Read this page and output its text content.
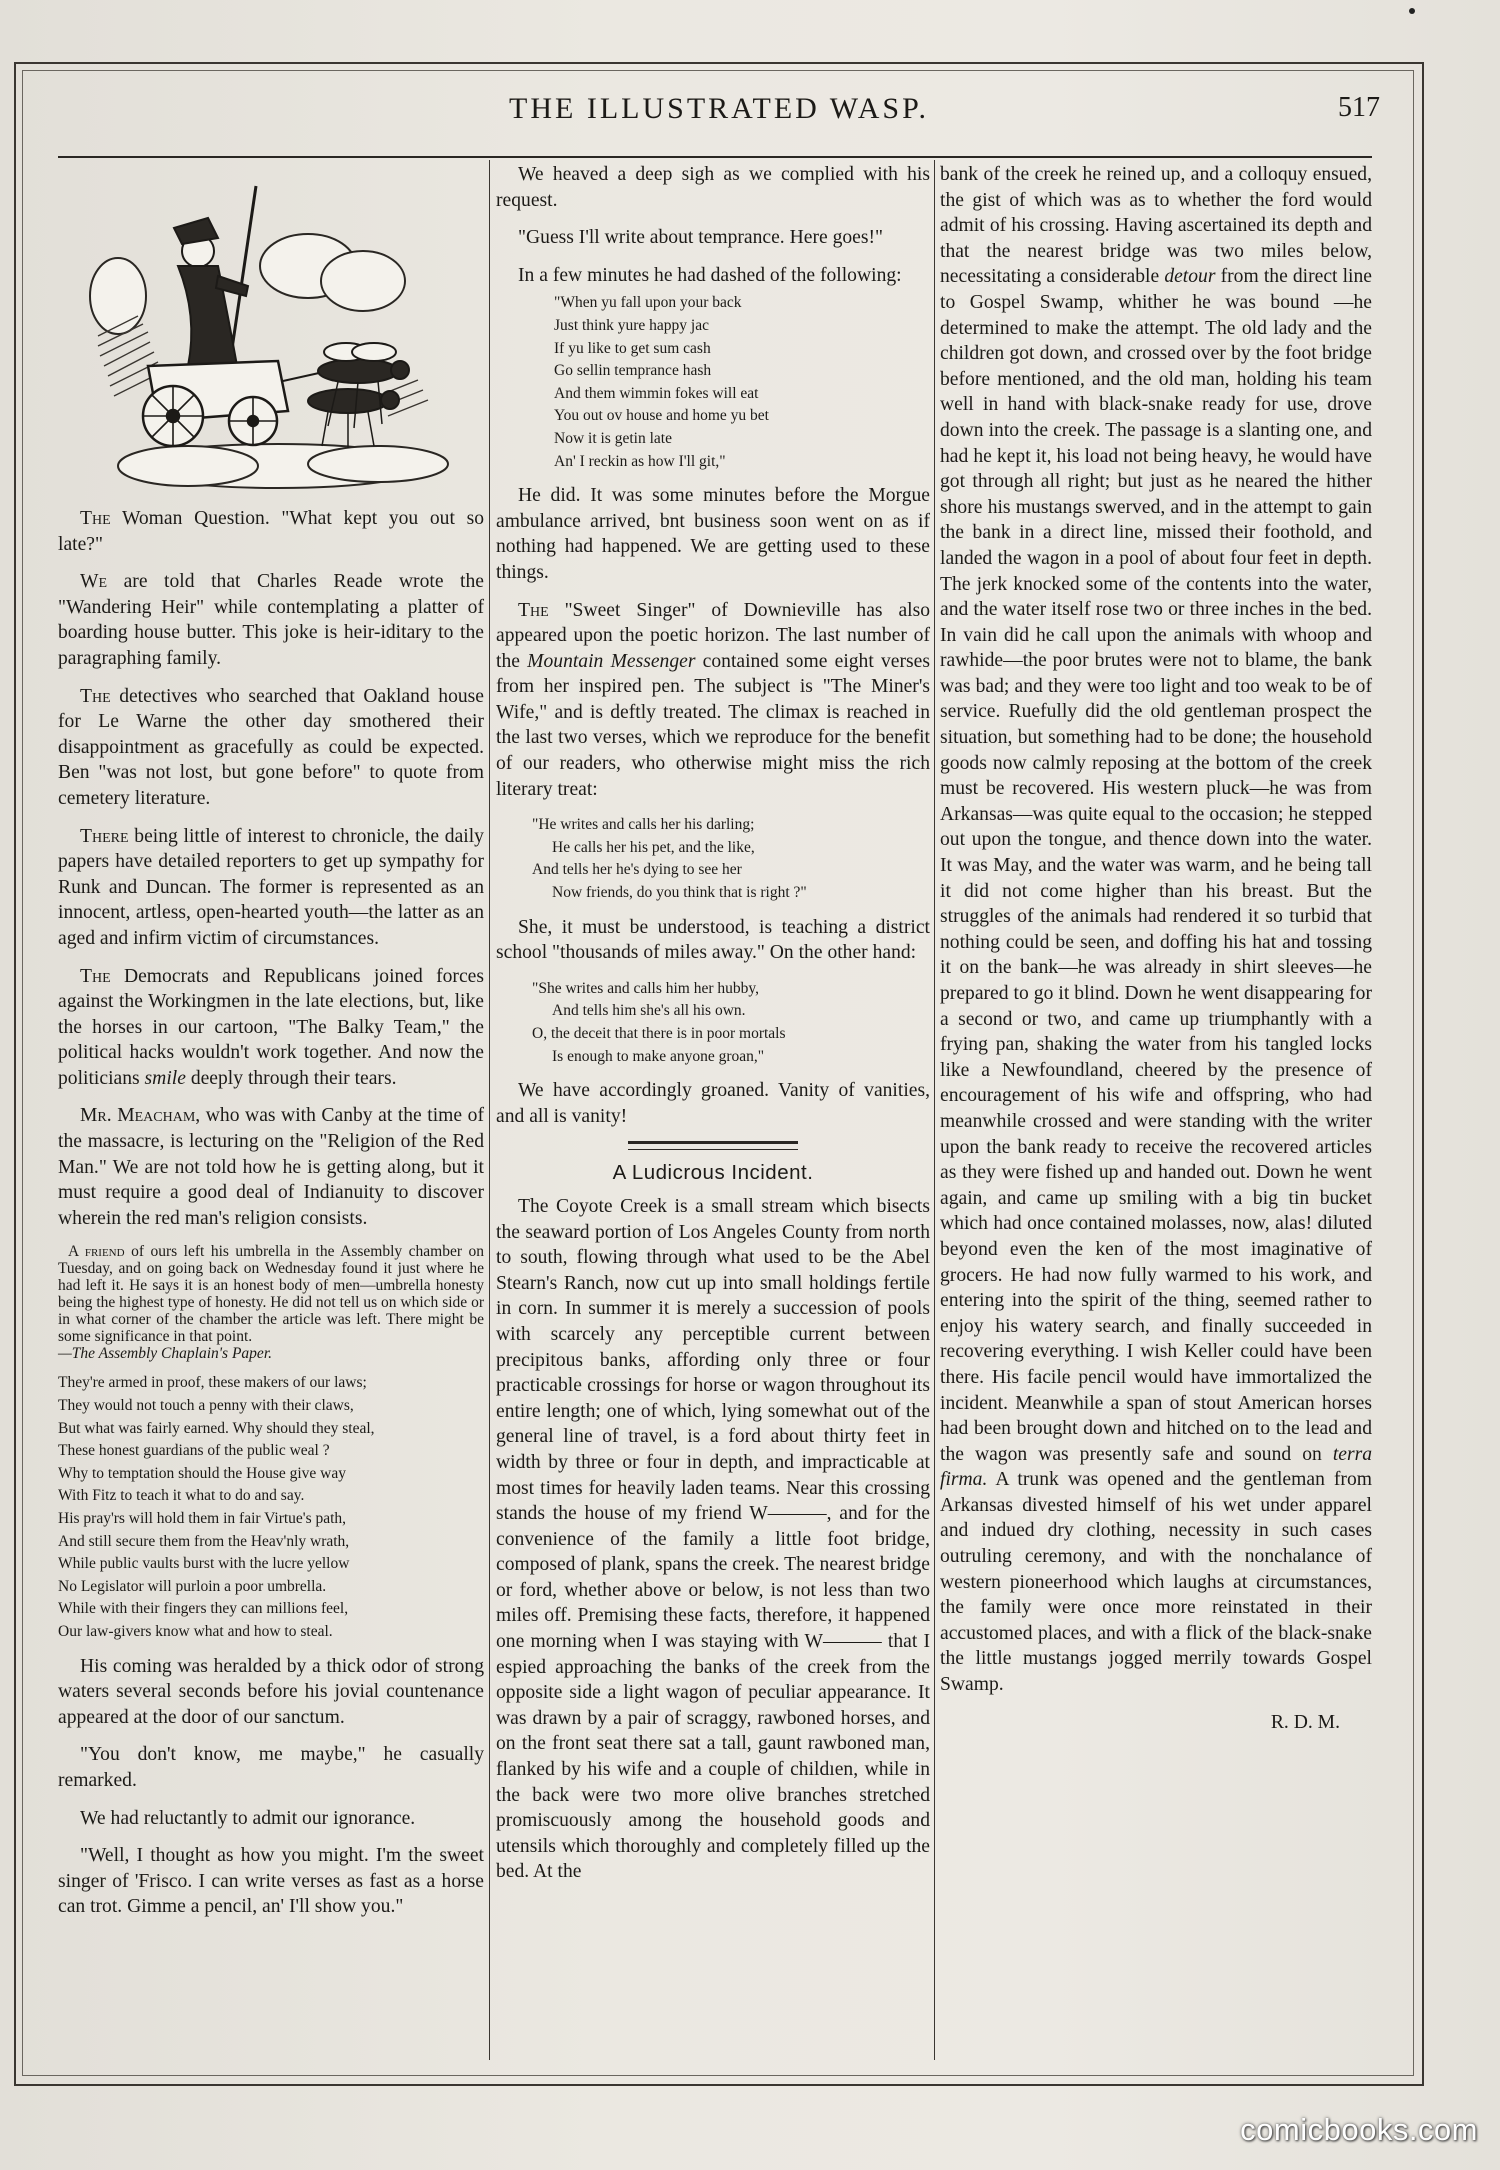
THE ILLUSTRATED WASP.	517

The Woman Question. "What kept you out so late?"

We are told that Charles Reade wrote the "Wandering Heir" while contemplating a platter of boarding house butter. This joke is heir-iditary to the paragraphing family.

The detectives who searched that Oakland house for Le Warne the other day smothered their disappointment as gracefully as could be expected. Ben "was not lost, but gone before" to quote from cemetery literature.

There being little of interest to chronicle, the daily papers have detailed reporters to get up sympathy for Runk and Duncan. The former is represented as an innocent, artless, open-hearted youth—the latter as an aged and infirm victim of circumstances.

The Democrats and Republicans joined forces against the Workingmen in the late elections, but, like the horses in our cartoon, "The Balky Team," the political hacks wouldn't work together. And now the politicians smile deeply through their tears.

Mr. Meacham, who was with Canby at the time of the massacre, is lecturing on the "Religion of the Red Man." We are not told how he is getting along, but it must require a good deal of Indianuity to discover wherein the red man's religion consists.

A friend of ours left his umbrella in the Assembly chamber on Tuesday, and on going back on Wednesday found it just where he had left it. He says it is an honest body of men—umbrella honesty being the highest type of honesty. He did not tell us on which side or in what corner of the chamber the article was left. There might be some significance in that point.
—The Assembly Chaplain's Paper.

They're armed in proof, these makers of our laws;
They would not touch a penny with their claws,
But what was fairly earned. Why should they steal,
These honest guardians of the public weal ?
Why to temptation should the House give way
With Fitz to teach it what to do and say.
His pray'rs will hold them in fair Virtue's path,
And still secure them from the Heav'nly wrath,
While public vaults burst with the lucre yellow
No Legislator will purloin a poor umbrella.
While with their fingers they can millions feel,
Our law-givers know what and how to steal.

His coming was heralded by a thick odor of strong waters several seconds before his jovial countenance appeared at the door of our sanctum.

"You don't know, me maybe," he casually remarked.

We had reluctantly to admit our ignorance.

"Well, I thought as how you might. I'm the sweet singer of 'Frisco. I can write verses as fast as a horse can trot. Gimme a pencil, an' I'll show you."

We heaved a deep sigh as we complied with his request.

"Guess I'll write about temprance. Here goes!"

In a few minutes he had dashed of the following:

"When yu fall upon your back
Just think yure happy jac
If yu like to get sum cash
Go sellin temprance hash
And them wimmin fokes will eat
You out ov house and home yu bet
Now it is getin late
An' I reckin as how I'll git,"

He did. It was some minutes before the Morgue ambulance arrived, bnt business soon went on as if nothing had happened. We are getting used to these things.

The "Sweet Singer" of Downieville has also appeared upon the poetic horizon. The last number of the Mountain Messenger contained some eight verses from her inspired pen. The subject is "The Miner's Wife," and is deftly treated. The climax is reached in the last two verses, which we reproduce for the benefit of our readers, who otherwise might miss the rich literary treat:

"He writes and calls her his darling;
He calls her his pet, and the like,
And tells her he's dying to see her
Now friends, do you think that is right ?"

She, it must be understood, is teaching a district school "thousands of miles away." On the other hand:

"She writes and calls him her hubby,
And tells him she's all his own.
O, the deceit that there is in poor mortals
Is enough to make anyone groan,"

We have accordingly groaned. Vanity of vanities, and all is vanity!

A Ludicrous Incident.

The Coyote Creek is a small stream which bisects the seaward portion of Los Angeles County from north to south, flowing through what used to be the Abel Stearn's Ranch, now cut up into small holdings fertile in corn. In summer it is merely a succession of pools with scarcely any perceptible current between precipitous banks, affording only three or four practicable crossings for horse or wagon throughout its entire length; one of which, lying somewhat out of the general line of travel, is a ford about thirty feet in width by three or four in depth, and impracticable at most times for heavily laden teams. Near this crossing stands the house of my friend W———, and for the convenience of the family a little foot bridge, composed of plank, spans the creek. The nearest bridge or ford, whether above or below, is not less than two miles off. Premising these facts, therefore, it happened one morning when I was staying with W——— that I espied approaching the banks of the creek from the opposite side a light wagon of peculiar appearance. It was drawn by a pair of scraggy, rawboned horses, and on the front seat there sat a tall, gaunt rawboned man, flanked by his wife and a couple of childıen, while in the back were two more olive branches stretched promiscuously among the household goods and utensils which thoroughly and completely filled up the bed. At the

bank of the creek he reined up, and a colloquy ensued, the gist of which was as to whether the ford would admit of his crossing. Having ascertained its depth and that the nearest bridge was two miles below, necessitating a considerable detour from the direct line to Gospel Swamp, whither he was bound —he determined to make the attempt. The old lady and the children got down, and crossed over by the foot bridge before mentioned, and the old man, holding his team well in hand with black-snake ready for use, drove down into the creek. The passage is a slanting one, and had he kept it, his load not being heavy, he would have got through all right; but just as he neared the hither shore his mustangs swerved, and in the attempt to gain the bank in a direct line, missed their foothold, and landed the wagon in a pool of about four feet in depth. The jerk knocked some of the contents into the water, and the water itself rose two or three inches in the bed. In vain did he call upon the animals with whoop and rawhide—the poor brutes were not to blame, the bank was bad; and they were too light and too weak to be of service. Ruefully did the old gentleman prospect the situation, but something had to be done; the household goods now calmly reposing at the bottom of the creek must be recovered. His western pluck—he was from Arkansas—was quite equal to the occasion; he stepped out upon the tongue, and thence down into the water. It was May, and the water was warm, and he being tall it did not come higher than his breast. But the struggles of the animals had rendered it so turbid that nothing could be seen, and doffing his hat and tossing it on the bank—he was already in shirt sleeves—he prepared to go it blind. Down he went disappearing for a second or two, and came up triumphantly with a frying pan, shaking the water from his tangled locks like a Newfoundland, cheered by the presence of encouragement of his wife and offspring, who had meanwhile crossed and were standing with the writer upon the bank ready to receive the recovered articles as they were fished up and handed out. Down he went again, and came up smiling with a big tin bucket which had once contained molasses, now, alas! diluted beyond even the ken of the most imaginative of grocers. He had now fully warmed to his work, and entering into the spirit of the thing, seemed rather to enjoy his watery search, and finally succeeded in recovering everything. I wish Keller could have been there. His facile pencil would have immortalized the incident. Meanwhile a span of stout American horses had been brought down and hitched on to the lead and the wagon was presently safe and sound on terra firma. A trunk was opened and the gentleman from Arkansas divested himself of his wet under apparel and indued dry clothing, necessity in such cases outruling ceremony, and with the nonchalance of western pioneerhood which laughs at circumstances, the family were once more reinstated in their accustomed places, and with a flick of the black-snake the little mustangs jogged merrily towards Gospel Swamp.

R. D. M.
comicbooks.com
